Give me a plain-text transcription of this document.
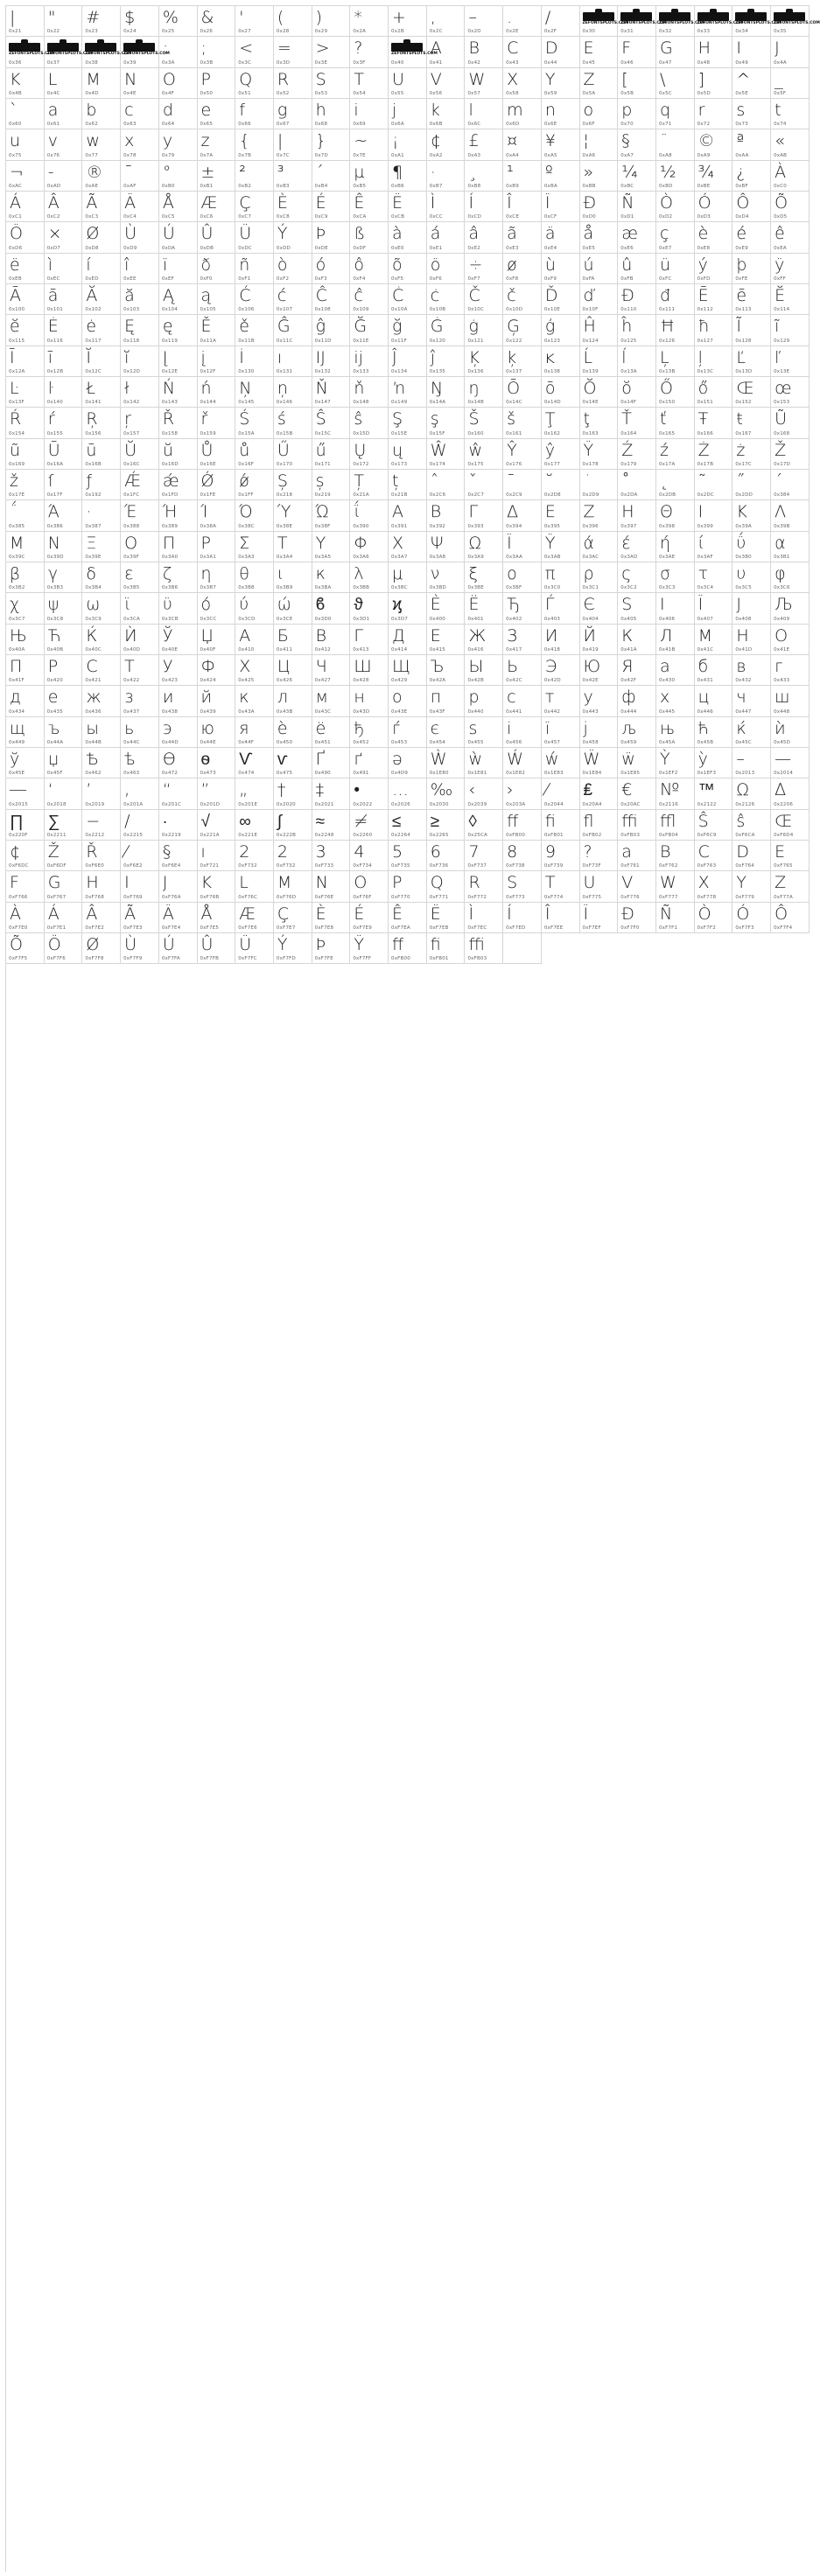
|
0x21
"
0x22
#
0x23
$
0x24
%
0x25
&
0x26
'
0x27
(
0x28
)
0x29
*
0x2A
+
0x2B
,
0x2C
–
0x2D
.
0x2E
/
0x2F
ZEFONTSPLOTS.COM
0x30
ZEFONTSPLOTS.COM
0x31
ZEFONTSPLOTS.COM
0x32
ZEFONTSPLOTS.COM
0x33
ZEFONTSPLOTS.COM
0x34
ZEFONTSPLOTS.COM
0x35
ZEFONTSPLOTS.COM
0x36
ZEFONTSPLOTS.COM
0x37
ZEFONTSPLOTS.COM
0x38
ZEFONTSPLOTS.COM
0x39
:
0x3A
;
0x3B
<
0x3C
=
0x3D
>
0x3E
?
0x3F
ZEFONTSPLOTS.COM
0x40
A
0x41
B
0x42
C
0x43
D
0x44
E
0x45
F
0x46
G
0x47
H
0x48
I
0x49
J
0x4A
K
0x4B
L
0x4C
M
0x4D
N
0x4E
O
0x4F
P
0x50
Q
0x51
R
0x52
S
0x53
T
0x54
U
0x55
V
0x56
W
0x57
X
0x58
Y
0x59
Z
0x5A
[
0x5B
\
0x5C
]
0x5D
^
0x5E
_
0x5F
`
0x60
a
0x61
b
0x62
c
0x63
d
0x64
e
0x65
f
0x66
g
0x67
h
0x68
i
0x69
j
0x6A
k
0x6B
l
0x6C
m
0x6D
n
0x6E
o
0x6F
p
0x70
q
0x71
r
0x72
s
0x73
t
0x74
u
0x75
v
0x76
w
0x77
x
0x78
y
0x79
z
0x7A
{
0x7B
|
0x7C
}
0x7D
~
0x7E
¡
0xA1
¢
0xA2
£
0xA3
¤
0xA4
¥
0xA5
¦
0xA6
§
0xA7
¨
0xA8
©
0xA9
ª
0xAA
«
0xAB
¬
0xAC
-
0xAD
®
0xAE
¯
0xAF
°
0xB0
±
0xB1
²
0xB2
³
0xB3
´
0xB4
µ
0xB5
¶
0xB6
·
0xB7
¸
0xB8
¹
0xB9
º
0xBA
»
0xBB
¼
0xBC
½
0xBD
¾
0xBE
¿
0xBF
À
0xC0
Á
0xC1
Â
0xC2
Ã
0xC3
Ä
0xC4
Å
0xC5
Æ
0xC6
Ç
0xC7
È
0xC8
É
0xC9
Ê
0xCA
Ë
0xCB
Ì
0xCC
Í
0xCD
Î
0xCE
Ï
0xCF
Ð
0xD0
Ñ
0xD1
Ò
0xD2
Ó
0xD3
Ô
0xD4
Õ
0xD5
Ö
0xD6
×
0xD7
Ø
0xD8
Ù
0xD9
Ú
0xDA
Û
0xDB
Ü
0xDC
Ý
0xDD
Þ
0xDE
ß
0xDF
à
0xE0
á
0xE1
â
0xE2
ã
0xE3
ä
0xE4
å
0xE5
æ
0xE6
ç
0xE7
è
0xE8
é
0xE9
ê
0xEA
ë
0xEB
ì
0xEC
í
0xED
î
0xEE
ï
0xEF
ð
0xF0
ñ
0xF1
ò
0xF2
ó
0xF3
ô
0xF4
õ
0xF5
ö
0xF6
÷
0xF7
ø
0xF8
ù
0xF9
ú
0xFA
û
0xFB
ü
0xFC
ý
0xFD
þ
0xFE
ÿ
0xFF
Ā
0x100
ā
0x101
Ă
0x102
ă
0x103
Ą
0x104
ą
0x105
Ć
0x106
ć
0x107
Ĉ
0x108
ĉ
0x109
Ċ
0x10A
ċ
0x10B
Č
0x10C
č
0x10D
Ď
0x10E
ď
0x10F
Đ
0x110
đ
0x111
Ē
0x112
ē
0x113
Ĕ
0x114
ĕ
0x115
Ė
0x116
ė
0x117
Ę
0x118
ę
0x119
Ě
0x11A
ě
0x11B
Ĝ
0x11C
ĝ
0x11D
Ğ
0x11E
ğ
0x11F
Ġ
0x120
ġ
0x121
Ģ
0x122
ģ
0x123
Ĥ
0x124
ĥ
0x125
Ħ
0x126
ħ
0x127
Ĩ
0x128
ĩ
0x129
Ī
0x12A
ī
0x12B
Ĭ
0x12C
ĭ
0x12D
Į
0x12E
į
0x12F
İ
0x130
ı
0x131
Ĳ
0x132
ĳ
0x133
Ĵ
0x134
ĵ
0x135
Ķ
0x136
ķ
0x137
ĸ
0x138
Ĺ
0x139
ĺ
0x13A
Ļ
0x13B
ļ
0x13C
Ľ
0x13D
ľ
0x13E
Ŀ
0x13F
ŀ
0x140
Ł
0x141
ł
0x142
Ń
0x143
ń
0x144
Ņ
0x145
ņ
0x146
Ň
0x147
ň
0x148
ŉ
0x149
Ŋ
0x14A
ŋ
0x14B
Ō
0x14C
ō
0x14D
Ŏ
0x14E
ŏ
0x14F
Ő
0x150
ő
0x151
Œ
0x152
œ
0x153
Ŕ
0x154
ŕ
0x155
Ŗ
0x156
ŗ
0x157
Ř
0x158
ř
0x159
Ś
0x15A
ś
0x15B
Ŝ
0x15C
ŝ
0x15D
Ş
0x15E
ş
0x15F
Š
0x160
š
0x161
Ţ
0x162
ţ
0x163
Ť
0x164
ť
0x165
Ŧ
0x166
ŧ
0x167
Ũ
0x168
ũ
0x169
Ū
0x16A
ū
0x16B
Ŭ
0x16C
ŭ
0x16D
Ů
0x16E
ů
0x16F
Ű
0x170
ű
0x171
Ų
0x172
ų
0x173
Ŵ
0x174
ŵ
0x175
Ŷ
0x176
ŷ
0x177
Ÿ
0x178
Ź
0x179
ź
0x17A
Ż
0x17B
ż
0x17C
Ž
0x17D
ž
0x17E
ſ
0x17F
ƒ
0x192
Ǽ
0x1FC
ǽ
0x1FD
Ǿ
0x1FE
ǿ
0x1FF
Ș
0x218
ș
0x219
Ț
0x21A
ț
0x21B
ˆ
0x2C6
ˇ
0x2C7
ˉ
0x2C9
˘
0x2D8
˙
0x2D9
˚
0x2DA
˛
0x2DB
˜
0x2DC
˝
0x2DD
΄
0x384
΅
0x385
Ά
0x386
·
0x387
Έ
0x388
Ή
0x389
Ί
0x38A
Ό
0x38C
Ύ
0x38E
Ώ
0x38F
ΐ
0x390
Α
0x391
Β
0x392
Γ
0x393
Δ
0x394
Ε
0x395
Ζ
0x396
Η
0x397
Θ
0x398
Ι
0x399
Κ
0x39A
Λ
0x39B
Μ
0x39C
Ν
0x39D
Ξ
0x39E
Ο
0x39F
Π
0x3A0
Ρ
0x3A1
Σ
0x3A3
Τ
0x3A4
Υ
0x3A5
Φ
0x3A6
Χ
0x3A7
Ψ
0x3A8
Ω
0x3A9
Ϊ
0x3AA
Ϋ
0x3AB
ά
0x3AC
έ
0x3AD
ή
0x3AE
ί
0x3AF
ΰ
0x3B0
α
0x3B1
β
0x3B2
γ
0x3B3
δ
0x3B4
ε
0x3B5
ζ
0x3B6
η
0x3B7
θ
0x3B8
ι
0x3B9
κ
0x3BA
λ
0x3BB
μ
0x3BC
ν
0x3BD
ξ
0x3BE
ο
0x3BF
π
0x3C0
ρ
0x3C1
ς
0x3C2
σ
0x3C3
τ
0x3C4
υ
0x3C5
φ
0x3C6
χ
0x3C7
ψ
0x3C8
ω
0x3C9
ϊ
0x3CA
ϋ
0x3CB
ό
0x3CC
ύ
0x3CD
ώ
0x3CE
ϐ
0x3D0
ϑ
0x3D1
ϗ
0x3D7
Ѐ
0x400
Ё
0x401
Ђ
0x402
Ѓ
0x403
Є
0x404
Ѕ
0x405
І
0x406
Ї
0x407
Ј
0x408
Љ
0x409
Њ
0x40A
Ћ
0x40B
Ќ
0x40C
Ѝ
0x40D
Ў
0x40E
Џ
0x40F
А
0x410
Б
0x411
В
0x412
Г
0x413
Д
0x414
Е
0x415
Ж
0x416
З
0x417
И
0x418
Й
0x419
К
0x41A
Л
0x41B
М
0x41C
Н
0x41D
О
0x41E
П
0x41F
Р
0x420
С
0x421
Т
0x422
У
0x423
Ф
0x424
Х
0x425
Ц
0x426
Ч
0x427
Ш
0x428
Щ
0x429
Ъ
0x42A
Ы
0x42B
Ь
0x42C
Э
0x42D
Ю
0x42E
Я
0x42F
а
0x430
б
0x431
в
0x432
г
0x433
д
0x434
е
0x435
ж
0x436
з
0x437
и
0x438
й
0x439
к
0x43A
л
0x43B
м
0x43C
н
0x43D
о
0x43E
п
0x43F
р
0x440
с
0x441
т
0x442
у
0x443
ф
0x444
х
0x445
ц
0x446
ч
0x447
ш
0x448
щ
0x449
ъ
0x44A
ы
0x44B
ь
0x44C
э
0x44D
ю
0x44E
я
0x44F
ѐ
0x450
ё
0x451
ђ
0x452
ѓ
0x453
є
0x454
ѕ
0x455
і
0x456
ї
0x457
ј
0x458
љ
0x459
њ
0x45A
ћ
0x45B
ќ
0x45C
ѝ
0x45D
ў
0x45E
џ
0x45F
Ѣ
0x462
ѣ
0x463
Ѳ
0x472
ѳ
0x473
Ѵ
0x474
ѵ
0x475
Ґ
0x490
ґ
0x491
ә
0x4D9
Ẁ
0x1E80
ẁ
0x1E81
Ẃ
0x1E82
ẃ
0x1E83
Ẅ
0x1E84
ẅ
0x1E85
Ỳ
0x1EF2
ỳ
0x1EF3
–
0x2013
—
0x2014
―
0x2015
‘
0x2018
’
0x2019
‚
0x201A
“
0x201C
”
0x201D
„
0x201E
†
0x2020
‡
0x2021
•
0x2022
…
0x2026
‰
0x2030
‹
0x2039
›
0x203A
⁄
0x2044
₤
0x20A4
€
0x20AC
№
0x2116
™
0x2122
Ω
0x2126
∆
0x2206
∏
0x220F
∑
0x2211
−
0x2212
∕
0x2215
∙
0x2219
√
0x221A
∞
0x221E
∫
0x222B
≈
0x2248
≠
0x2260
≤
0x2264
≥
0x2265
◊
0x25CA
ﬀ
0xFB00
ﬁ
0xFB01
ﬂ
0xFB02
ﬃ
0xFB03
ﬄ
0xFB04
Ŝ
0xF6C9
ŝ
0xF6CA
Œ
0xF6D4
¢
0xF6DC
Ž
0xF6DF
Ř
0xF6E0
⁄
0xF6E2
§
0xF6E4
ı
0xF721
2
0xF732
2
0xF732
3
0xF733
4
0xF734
5
0xF735
6
0xF736
7
0xF737
8
0xF738
9
0xF739
?
0xF73F
a
0xF761
B
0xF762
C
0xF763
D
0xF764
E
0xF765
F
0xF766
G
0xF767
H
0xF768
I
0xF769
J
0xF76A
K
0xF76B
L
0xF76C
M
0xF76D
N
0xF76E
O
0xF76F
P
0xF770
Q
0xF771
R
0xF772
S
0xF773
T
0xF774
U
0xF775
V
0xF776
W
0xF777
X
0xF778
Y
0xF779
Z
0xF77A
À
0xF7E0
Á
0xF7E1
Â
0xF7E2
Ã
0xF7E3
Ä
0xF7E4
Å
0xF7E5
Æ
0xF7E6
Ç
0xF7E7
È
0xF7E8
É
0xF7E9
Ê
0xF7EA
Ë
0xF7EB
Ì
0xF7EC
Í
0xF7ED
Î
0xF7EE
Ï
0xF7EF
Ð
0xF7F0
Ñ
0xF7F1
Ò
0xF7F2
Ó
0xF7F3
Ô
0xF7F4
Õ
0xF7F5
Ö
0xF7F6
Ø
0xF7F8
Ù
0xF7F9
Ú
0xF7FA
Û
0xF7FB
Ü
0xF7FC
Ý
0xF7FD
Þ
0xF7FE
Ÿ
0xF7FF
ﬀ
0xFB00
ﬁ
0xFB01
ﬃ
0xFB03
